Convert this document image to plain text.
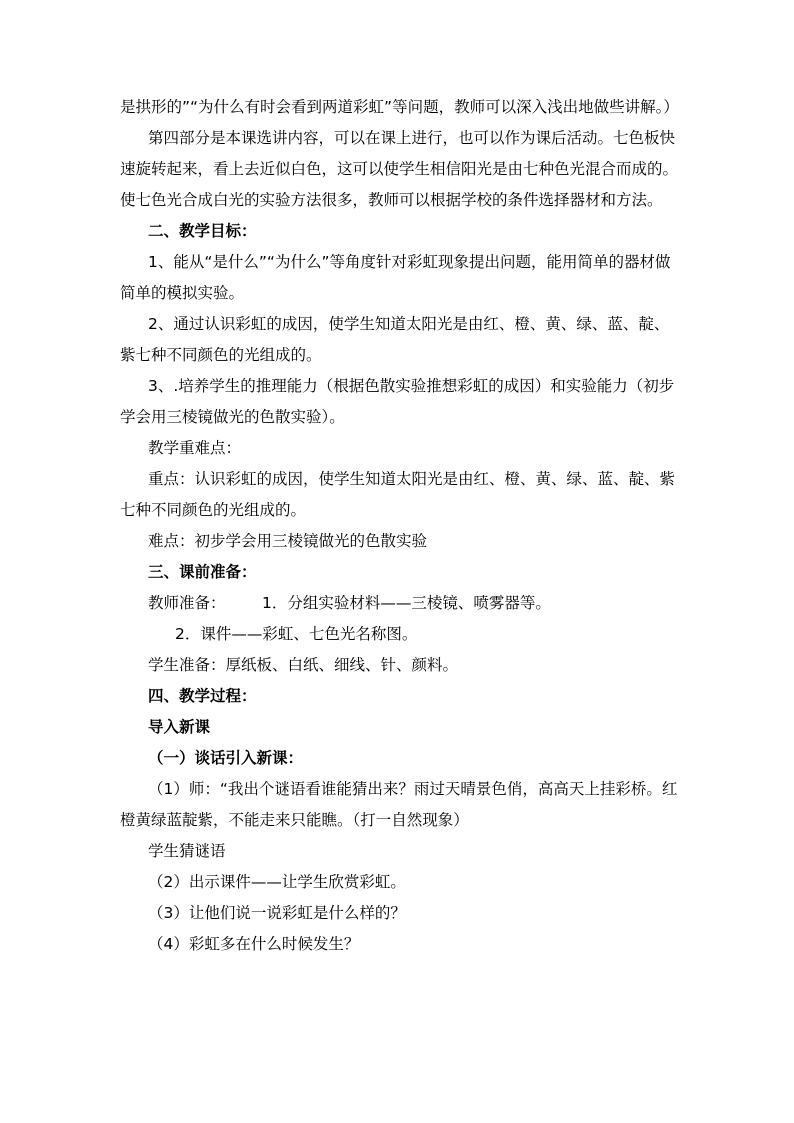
是拱形的”“为什么有时会看到两道彩虹”等问题，教师可以深入浅出地做些讲解。）

第四部分是本课选讲内容，可以在课上进行，也可以作为课后活动。七色板快速旋转起来，看上去近似白色，这可以使学生相信阳光是由七种色光混合而成的。使七色光合成白光的实验方法很多，教师可以根据学校的条件选择器材和方法。

二、教学目标：

1、能从“是什么”“为什么”等角度针对彩虹现象提出问题，能用简单的器材做简单的模拟实验。

2、通过认识彩虹的成因，使学生知道太阳光是由红、橙、黄、绿、蓝、靛、紫七种不同颜色的光组成的。

3、.培养学生的推理能力（根据色散实验推想彩虹的成因）和实验能力（初步学会用三棱镜做光的色散实验）。

教学重难点：

重点：认识彩虹的成因，使学生知道太阳光是由红、橙、黄、绿、蓝、靛、紫七种不同颜色的光组成的。

难点：初步学会用三棱镜做光的色散实验

三、课前准备：

教师准备：	1．分组实验材料——三棱镜、喷雾器等。

2．课件——彩虹、七色光名称图。

学生准备：厚纸板、白纸、细线、针、颜料。

四、教学过程：

导入新课

（一）谈话引入新课：

（1）师：“我出个谜语看谁能猜出来？雨过天晴景色俏，高高天上挂彩桥。红橙黄绿蓝靛紫，不能走来只能瞧。（打一自然现象）

学生猜谜语

（2）出示课件——让学生欣赏彩虹。

（3）让他们说一说彩虹是什么样的？

（4）彩虹多在什么时候发生？
